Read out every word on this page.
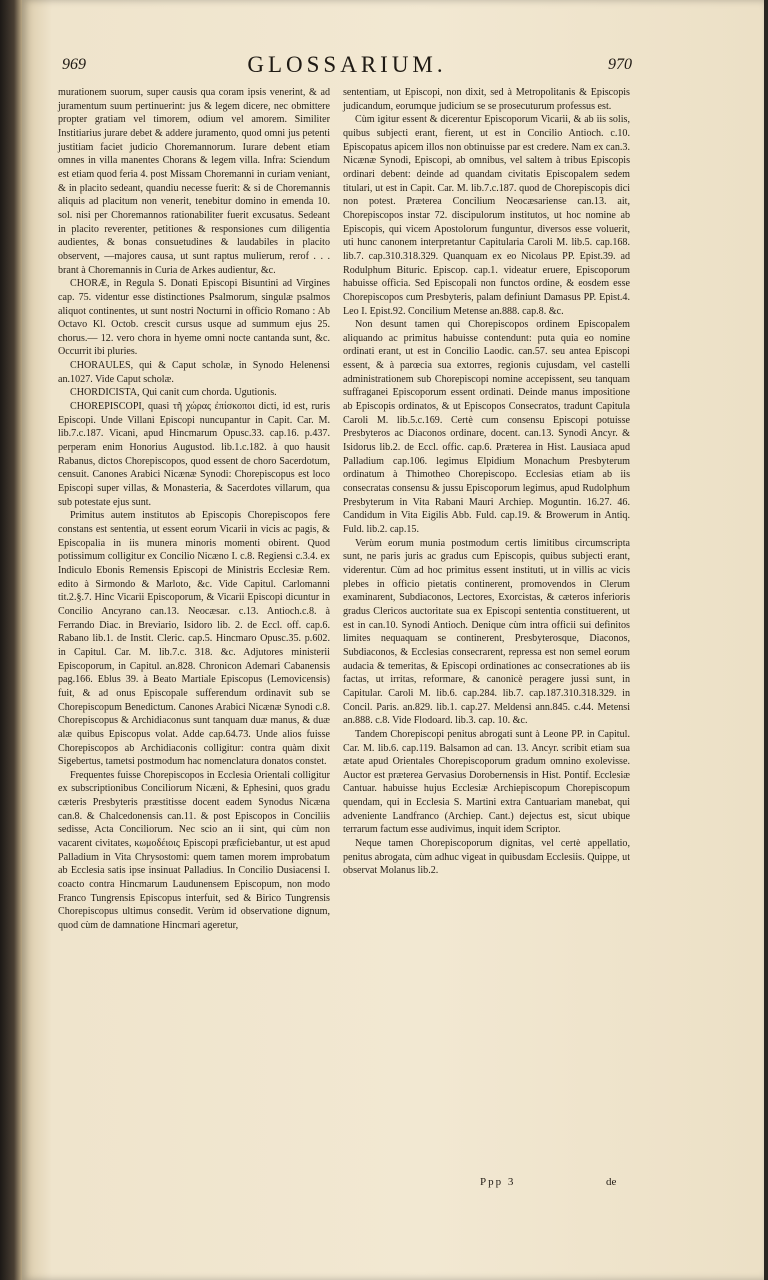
969	GLOSSARIUM.	970

murationem suorum, super causis qua coram ipsis venerint, & ad juramentum suum pertinuerint: jus & legem dicere, nec obmittere propter gratiam vel timorem, odium vel amorem. Similiter Institiarius jurare debet & addere juramento, quod omni jus petenti justitiam faciet judicio Choremannorum. Iurare debent etiam omnes in villa manentes Chorans & legem villa. Infra: Sciendum est etiam quod feria 4. post Missam Choremanni in curiam veniant, & in placito sedeant, quandiu necesse fuerit: & si de Choremannis aliquis ad placitum non venerit, tenebitur domino in emenda 10. sol. nisi per Choremannos rationabiliter fuerit excusatus. Sedeant in placito reverenter, petitiones & responsiones cum diligentia audientes, & bonas consuetudines & laudabiles in placito observent, —majores causa, ut sunt raptus mulierum, rerof . . . brant à Choremannis in Curia de Arkes audientur, &c.

CHORÆ, in Regula S. Donati Episcopi Bisuntini ad Virgines cap. 75. videntur esse distinctiones Psalmorum, singulæ psalmos aliquot continentes, ut sunt nostri Nocturni in officio Romano : Ab Octavo Kl. Octob. crescit cursus usque ad summum ejus 25. chorus.— 12. vero chora in hyeme omni nocte cantanda sunt, &c. Occurrit ibi pluries.

CHORAULES, qui & Caput scholæ, in Synodo Helenensi an.1027. Vide Caput scholæ.

CHORDICISTA, Qui canit cum chorda. Ugutionis.

CHOREPISCOPI, quasi τῆ χώρας ἐπίσκοποι dicti, id est, ruris Episcopi. Unde Villani Episcopi nuncupantur in Capit. Car. M. lib.7.c.187. Vicani, apud Hincmarum Opusc.33. cap.16. p.437. perperam enim Honorius Augustod. lib.1.c.182. à quo hausit Rabanus, dictos Chorepiscopos, quod essent de choro Sacerdotum, censuit. Canones Arabici Nicænæ Synodi: Chorepiscopus est loco Episcopi super villas, & Monasteria, & Sacerdotes villarum, qua sub potestate ejus sunt.

Primitus autem institutos ab Episcopis Chorepiscopos fere constans est sententia, ut essent eorum Vicarii in vicis ac pagis, & Episcopalia in iis munera minoris momenti obirent. Quod potissimum colligitur ex Concilio Nicæno I. c.8. Regiensi c.3.4. ex Indiculo Ebonis Remensis Episcopi de Ministris Ecclesiæ Rem. edito à Sirmondo & Marloto, &c. Vide Capitul. Carlomanni tit.2.§.7. Hinc Vicarii Episcoporum, & Vicarii Episcopi dicuntur in Concilio Ancyrano can.13. Neocæsar. c.13. Antioch.c.8. à Ferrando Diac. in Breviario, Isidoro lib. 2. de Eccl. off. cap.6. Rabano lib.1. de Instit. Cleric. cap.5. Hincmaro Opusc.35. p.602. in Capitul. Car. M. lib.7.c. 318. &c. Adjutores ministerii Episcoporum, in Capitul. an.828. Chronicon Ademari Cabanensis pag.166. Eblus 39. à Beato Martiale Episcopus (Lemovicensis) fuit, & ad onus Episcopale sufferendum ordinavit sub se Chorepiscopum Benedictum. Canones Arabici Nicænæ Synodi c.8. Chorepiscopus & Archidiaconus sunt tanquam duæ manus, & duæ alæ quibus Episcopus volat. Adde cap.64.73. Unde alios fuisse Chorepiscopos ab Archidiaconis colligitur: contra quàm dixit Sigebertus, tametsi postmodum hac nomenclatura donatos constet.

Frequentes fuisse Chorepiscopos in Ecclesia Orientali colligitur ex subscriptionibus Conciliorum Nicæni, & Ephesini, quos gradu cæteris Presbyteris præstitisse docent eadem Synodus Nicæna can.8. & Chalcedonensis can.11. & post Episcopos in Conciliis sedisse, Acta Conciliorum. Nec scio an ii sint, qui cùm non vacarent civitates, κωμοδέιοις Episcopi præficiebantur, ut est apud Palladium in Vita Chrysostomi: quem tamen morem improbatum ab Ecclesia satis ipse insinuat Palladius. In Concilio Dusiacensi I. coacto contra Hincmarum Laudunensem Episcopum, non modo Franco Tungrensis Episcopus interfuit, sed & Birico Tungrensis Chorepiscopus ultimus consedit. Verùm id observatione dignum, quod cùm de damnatione Hincmari ageretur,

sententiam, ut Episcopi, non dixit, sed à Metropolitanis & Episcopis judicandum, eorumque judicium se se prosecuturum professus est.

Cùm igitur essent & dicerentur Episcoporum Vicarii, & ab iis solis, quibus subjecti erant, fierent, ut est in Concilio Antioch. c.10. Episcopatus apicem illos non obtinuisse par est credere. Nam ex can.3. Nicænæ Synodi, Episcopi, ab omnibus, vel saltem à tribus Episcopis ordinari debent: deinde ad quandam civitatis Episcopalem sedem titulari, ut est in Capit. Car. M. lib.7.c.187. quod de Chorepiscopis dici non potest. Præterea Concilium Neocæsariense can.13. ait, Chorepiscopos instar 72. discipulorum institutos, ut hoc nomine ab Episcopis, qui vicem Apostolorum funguntur, diversos esse voluerit, uti hunc canonem interpretantur Capitularia Caroli M. lib.5. cap.168. lib.7. cap.310.318.329. Quanquam ex eo Nicolaus PP. Epist.39. ad Rodulphum Bituric. Episcop. cap.1. videatur eruere, Episcoporum habuisse officia. Sed Episcopali non functos ordine, & eosdem esse Chorepiscopos cum Presbyteris, palam definiunt Damasus PP. Epist.4. Leo I. Epist.92. Concilium Metense an.888. cap.8. &c.

Non desunt tamen qui Chorepiscopos ordinem Episcopalem aliquando ac primitus habuisse contendunt: puta quia eo nomine ordinati erant, ut est in Concilio Laodic. can.57. seu antea Episcopi essent, & à parœcia sua extorres, regionis cujusdam, vel castelli administrationem sub Chorepiscopi nomine accepissent, seu tanquam suffraganei Episcoporum essent ordinati. Deinde manus impositione ab Episcopis ordinatos, & ut Episcopos Consecratos, tradunt Capitula Caroli M. lib.5.c.169. Certè cum consensu Episcopi potuisse Presbyteros ac Diaconos ordinare, docent. can.13. Synodi Ancyr. & Isidorus lib.2. de Eccl. offic. cap.6. Præterea in Hist. Lausiaca apud Palladium cap.106. legimus Elpidium Monachum Presbyterum ordinatum à Thimotheo Chorepiscopo. Ecclesias etiam ab iis consecratas consensu & jussu Episcoporum legimus, apud Rudolphum Presbyterum in Vita Rabani Mauri Archiep. Moguntin. 16.27. 46. Candidum in Vita Eigilis Abb. Fuld. cap.19. & Browerum in Antiq. Fuld. lib.2. cap.15.

Verùm eorum munia postmodum certis limitibus circumscripta sunt, ne paris juris ac gradus cum Episcopis, quibus subjecti erant, viderentur. Cùm ad hoc primitus essent instituti, ut in villis ac vicis plebes in officio pietatis continerent, promovendos in Clerum examinarent, Subdiaconos, Lectores, Exorcistas, & cæteros inferioris gradus Clericos auctoritate sua ex Episcopi sententia constituerent, ut est in can.10. Synodi Antioch. Denique cùm intra officii sui definitos limites nequaquam se continerent, Presbyterosque, Diaconos, Subdiaconos, & Ecclesias consecrarent, repressa est non semel eorum audacia & temeritas, & Episcopi ordinationes ac consecrationes ab iis factas, ut irritas, reformare, & canonicè peragere jussi sunt, in Capitular. Caroli M. lib.6. cap.284. lib.7. cap.187.310.318.329. in Concil. Paris. an.829. lib.1. cap.27. Meldensi ann.845. c.44. Metensi an.888. c.8. Vide Flodoard. lib.3. cap. 10. &c.

Tandem Chorepiscopi penitus abrogati sunt à Leone PP. in Capitul. Car. M. lib.6. cap.119. Balsamon ad can. 13. Ancyr. scribit etiam sua ætate apud Orientales Chorepiscoporum gradum omnino exolevisse. Auctor est præterea Gervasius Dorobernensis in Hist. Pontif. Ecclesiæ Cantuar. habuisse hujus Ecclesiæ Archiepiscopum Chorepiscopum quendam, qui in Ecclesia S. Martini extra Cantuariam manebat, qui adveniente Landfranco (Archiep. Cant.) dejectus est, sicut ubique terrarum factum esse audivimus, inquit idem Scriptor.

Neque tamen Chorepiscoporum dignitas, vel certè appellatio, penitus abrogata, cùm adhuc vigeat in quibusdam Ecclesiis. Quippe, ut observat Molanus lib.2.

Ppp 3	de
